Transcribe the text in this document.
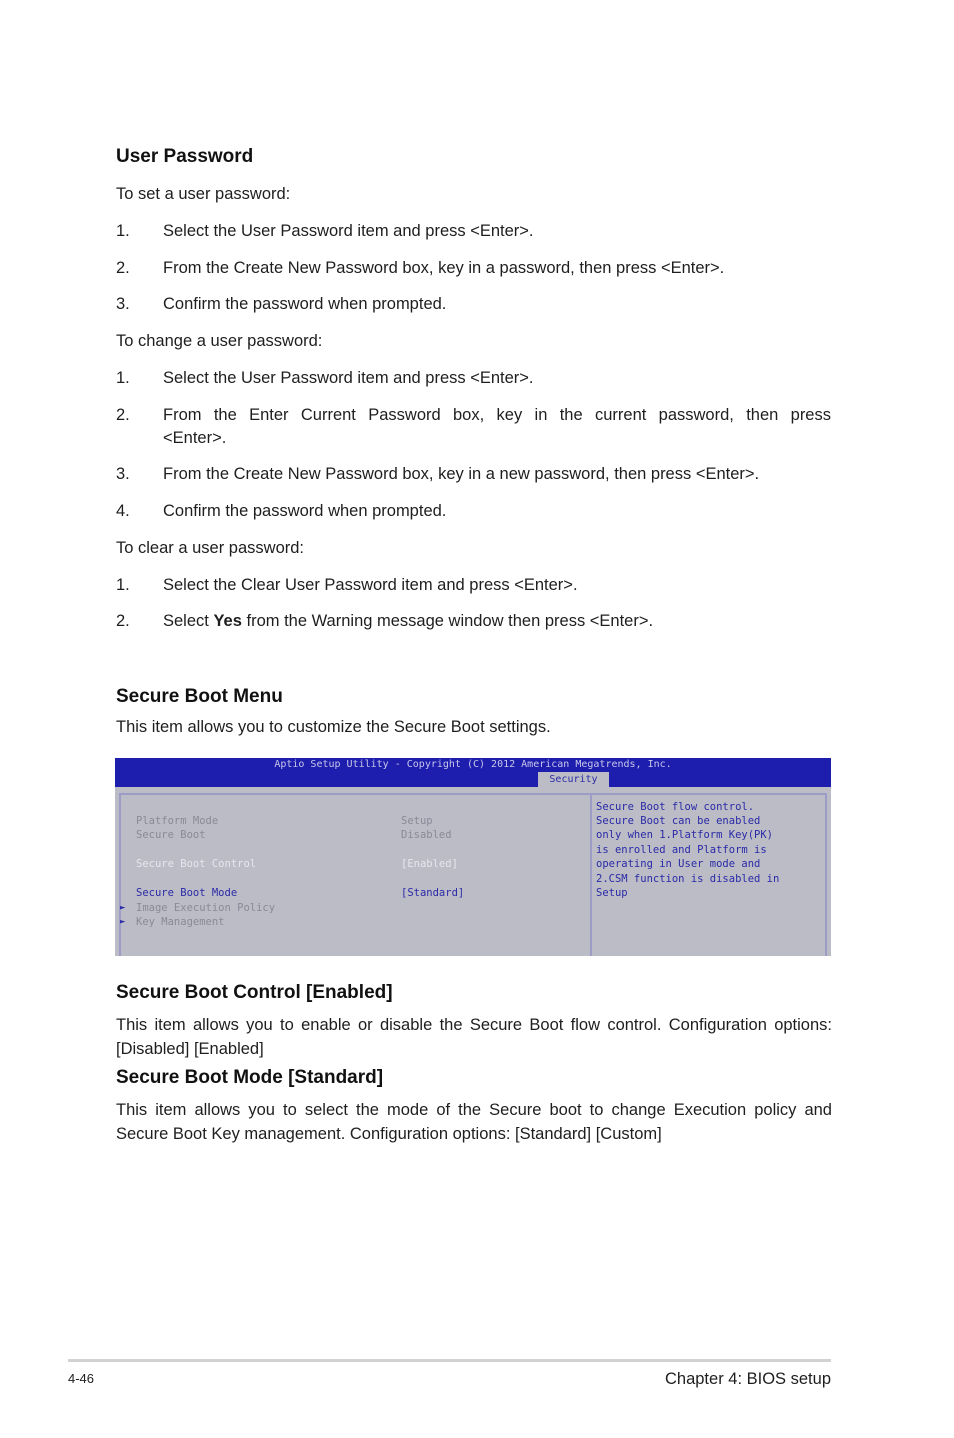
User Password
To set a user password:
1. Select the User Password item and press <Enter>.
2. From the Create New Password box, key in a password, then press <Enter>.
3. Confirm the password when prompted.
To change a user password:
1. Select the User Password item and press <Enter>.
2. From the Enter Current Password box, key in the current password, then press
<Enter>.
3. From the Create New Password box, key in a new password, then press <Enter>.
4. Confirm the password when prompted.
To clear a user password:
1. Select the Clear User Password item and press <Enter>.
2. Select Yes from the Warning message window then press <Enter>.
Secure Boot Menu
This item allows you to customize the Secure Boot settings.
Aptio Setup Utility - Copyright (C) 2012 American Megatrends, Inc.
Security
Platform Mode	Setup
Secure Boot	Disabled
Secure Boot Control	[Enabled]
Secure Boot Mode	[Standard]
► Image Execution Policy
► Key Management
Secure Boot flow control.
Secure Boot can be enabled
only when 1.Platform Key(PK)
is enrolled and Platform is
operating in User mode and
2.CSM function is disabled in
Setup
Secure Boot Control [Enabled]
This item allows you to enable or disable the Secure Boot flow control. Configuration options: [Disabled] [Enabled]
Secure Boot Mode [Standard]
This item allows you to select the mode of the Secure boot to change Execution policy and Secure Boot Key management. Configuration options: [Standard] [Custom]
4-46	Chapter 4: BIOS setup
